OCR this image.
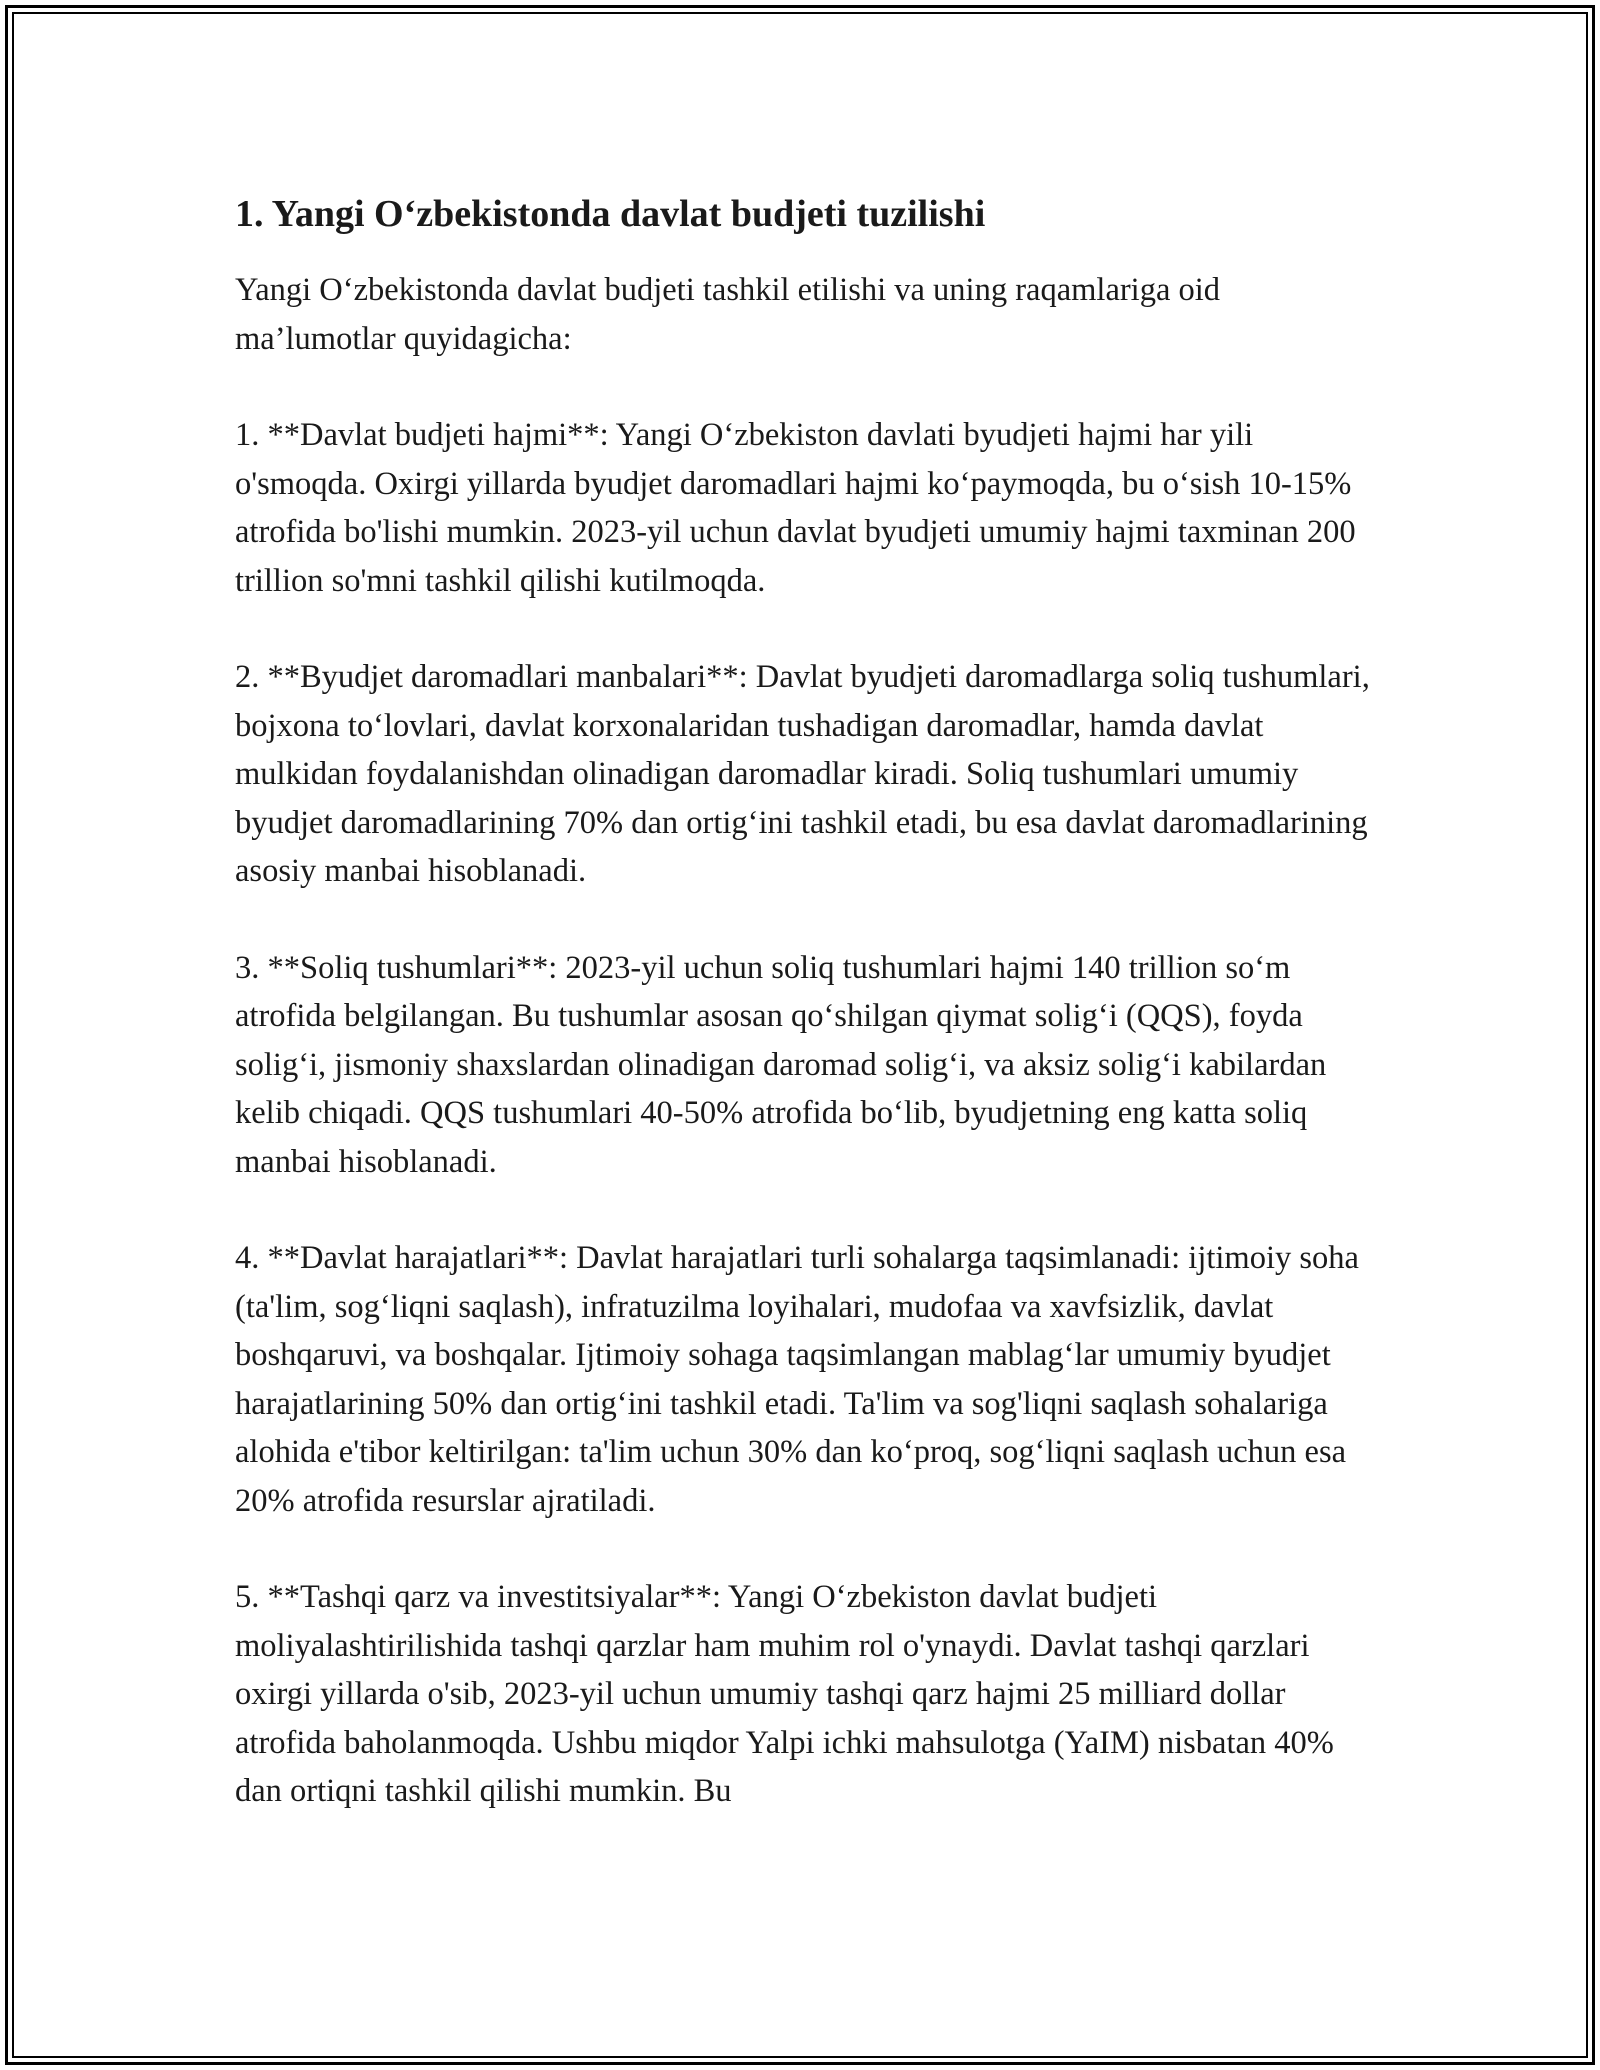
1. Yangi O‘zbekistonda davlat budjeti tuzilishi

Yangi O‘zbekistonda davlat budjeti tashkil etilishi va uning raqamlariga oid ma’lumotlar quyidagicha:

1. **Davlat budjeti hajmi**: Yangi O‘zbekiston davlati byudjeti hajmi har yili o'smoqda. Oxirgi yillarda byudjet daromadlari hajmi ko‘paymoqda, bu o‘sish 10-15% atrofida bo'lishi mumkin. 2023-yil uchun davlat byudjeti umumiy hajmi taxminan 200 trillion so'mni tashkil qilishi kutilmoqda.

2. **Byudjet daromadlari manbalari**: Davlat byudjeti daromadlarga soliq tushumlari, bojxona to‘lovlari, davlat korxonalaridan tushadigan daromadlar, hamda davlat mulkidan foydalanishdan olinadigan daromadlar kiradi. Soliq tushumlari umumiy byudjet daromadlarining 70% dan ortig‘ini tashkil etadi, bu esa davlat daromadlarining asosiy manbai hisoblanadi.

3. **Soliq tushumlari**: 2023-yil uchun soliq tushumlari hajmi 140 trillion so‘m atrofida belgilangan. Bu tushumlar asosan qo‘shilgan qiymat solig‘i (QQS), foyda solig‘i, jismoniy shaxslardan olinadigan daromad solig‘i, va aksiz solig‘i kabilardan kelib chiqadi. QQS tushumlari 40-50% atrofida bo‘lib, byudjetning eng katta soliq manbai hisoblanadi.

4. **Davlat harajatlari**: Davlat harajatlari turli sohalarga taqsimlanadi: ijtimoiy soha (ta'lim, sog‘liqni saqlash), infratuzilma loyihalari, mudofaa va xavfsizlik, davlat boshqaruvi, va boshqalar. Ijtimoiy sohaga taqsimlangan mablag‘lar umumiy byudjet harajatlarining 50% dan ortig‘ini tashkil etadi. Ta'lim va sog'liqni saqlash sohalariga alohida e'tibor keltirilgan: ta'lim uchun 30% dan ko‘proq, sog‘liqni saqlash uchun esa 20% atrofida resurslar ajratiladi.

5. **Tashqi qarz va investitsiyalar**: Yangi O‘zbekiston davlat budjeti moliyalashtirilishida tashqi qarzlar ham muhim rol o'ynaydi. Davlat tashqi qarzlari oxirgi yillarda o'sib, 2023-yil uchun umumiy tashqi qarz hajmi 25 milliard dollar atrofida baholanmoqda. Ushbu miqdor Yalpi ichki mahsulotga (YaIM) nisbatan 40% dan ortiqni tashkil qilishi mumkin. Bu
